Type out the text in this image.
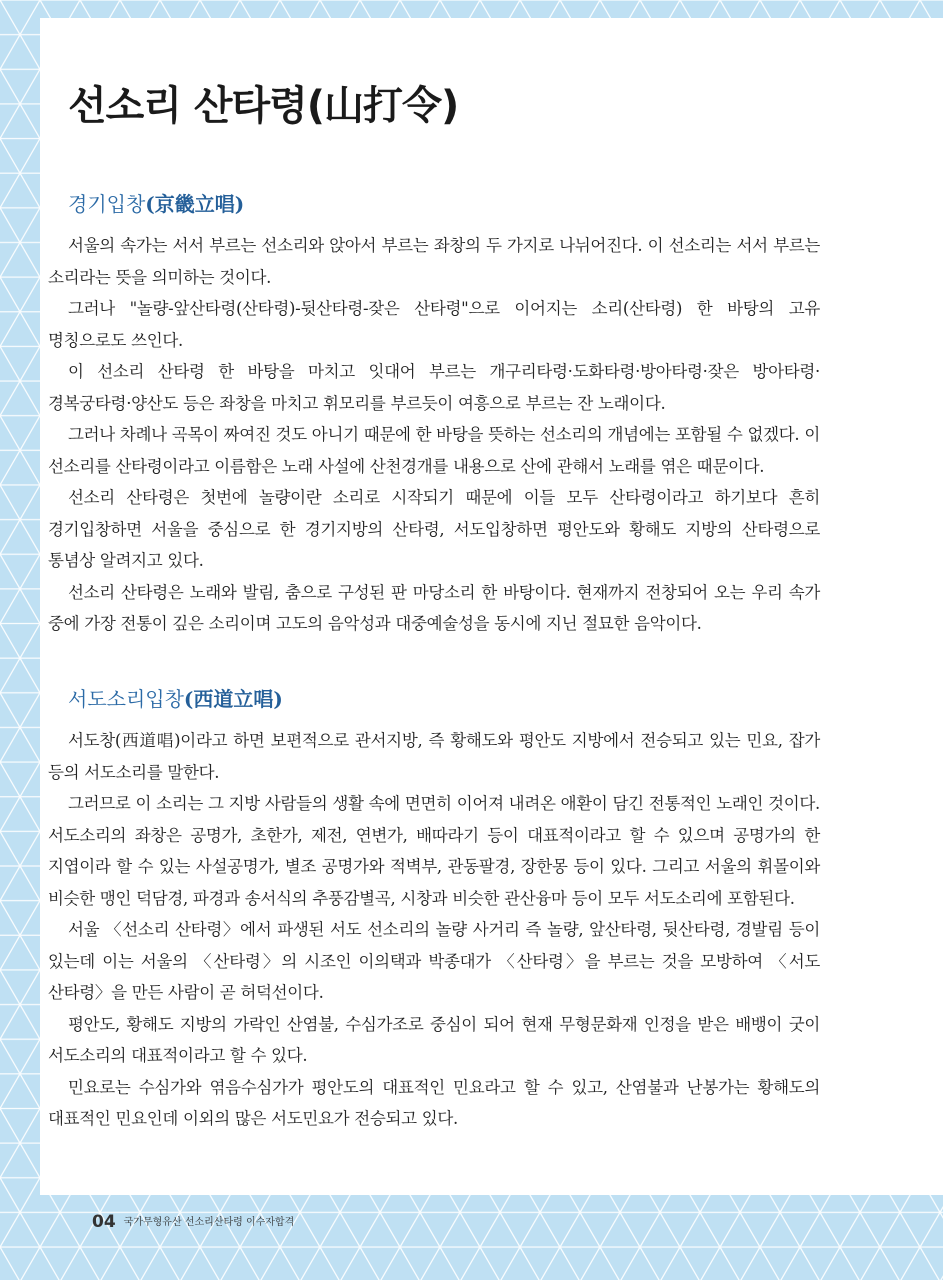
선소리 산타령(山打令)
경기입창(京畿立唱)

서울의 속가는 서서 부르는 선소리와 앉아서 부르는 좌창의 두 가지로 나뉘어진다. 이 선소리는 서서 부르는 소리라는 뜻을 의미하는 것이다.

그러나 "놀량-앞산타령(산타령)-뒷산타령-잦은 산타령"으로 이어지는 소리(산타령) 한 바탕의 고유 명칭으로도 쓰인다.

이 선소리 산타령 한 바탕을 마치고 잇대어 부르는 개구리타령·도화타령·방아타령·잦은 방아타령·경복궁타령·양산도 등은 좌창을 마치고 휘모리를 부르듯이 여흥으로 부르는 잔 노래이다.

그러나 차례나 곡목이 짜여진 것도 아니기 때문에 한 바탕을 뜻하는 선소리의 개념에는 포함될 수 없겠다. 이 선소리를 산타령이라고 이름함은 노래 사설에 산천경개를 내용으로 산에 관해서 노래를 엮은 때문이다.

선소리 산타령은 첫번에 놀량이란 소리로 시작되기 때문에 이들 모두 산타령이라고 하기보다 흔히 경기입창하면 서울을 중심으로 한 경기지방의 산타령, 서도입창하면 평안도와 황해도 지방의 산타령으로 통념상 알려지고 있다.

선소리 산타령은 노래와 발림, 춤으로 구성된 판 마당소리 한 바탕이다. 현재까지 전창되어 오는 우리 속가 중에 가장 전통이 깊은 소리이며 고도의 음악성과 대중예술성을 동시에 지닌 절묘한 음악이다.

서도소리입창(西道立唱)

서도창(西道唱)이라고 하면 보편적으로 관서지방, 즉 황해도와 평안도 지방에서 전승되고 있는 민요, 잡가 등의 서도소리를 말한다.

그러므로 이 소리는 그 지방 사람들의 생활 속에 면면히 이어져 내려온 애환이 담긴 전통적인 노래인 것이다. 서도소리의 좌창은 공명가, 초한가, 제전, 연변가, 배따라기 등이 대표적이라고 할 수 있으며 공명가의 한 지엽이라 할 수 있는 사설공명가, 별조 공명가와 적벽부, 관동팔경, 장한몽 등이 있다. 그리고 서울의 휘몰이와 비슷한 맹인 덕담경, 파경과 송서식의 추풍감별곡, 시창과 비슷한 관산융마 등이 모두 서도소리에 포함된다.

서울 〈선소리 산타령〉에서 파생된 서도 선소리의 놀량 사거리 즉 놀량, 앞산타령, 뒷산타령, 경발림 등이 있는데 이는 서울의 〈산타령〉의 시조인 이의택과 박종대가 〈산타령〉을 부르는 것을 모방하여 〈서도 산타령〉을 만든 사람이 곧 허덕선이다.

평안도, 황해도 지방의 가락인 산염불, 수심가조로 중심이 되어 현재 무형문화재 인정을 받은 배뱅이 굿이 서도소리의 대표적이라고 할 수 있다.

민요로는 수심가와 엮음수심가가 평안도의 대표적인 민요라고 할 수 있고, 산염불과 난봉가는 황해도의 대표적인 민요인데 이외의 많은 서도민요가 전승되고 있다.

04 국가무형유산 선소리산타령 이수자합격
